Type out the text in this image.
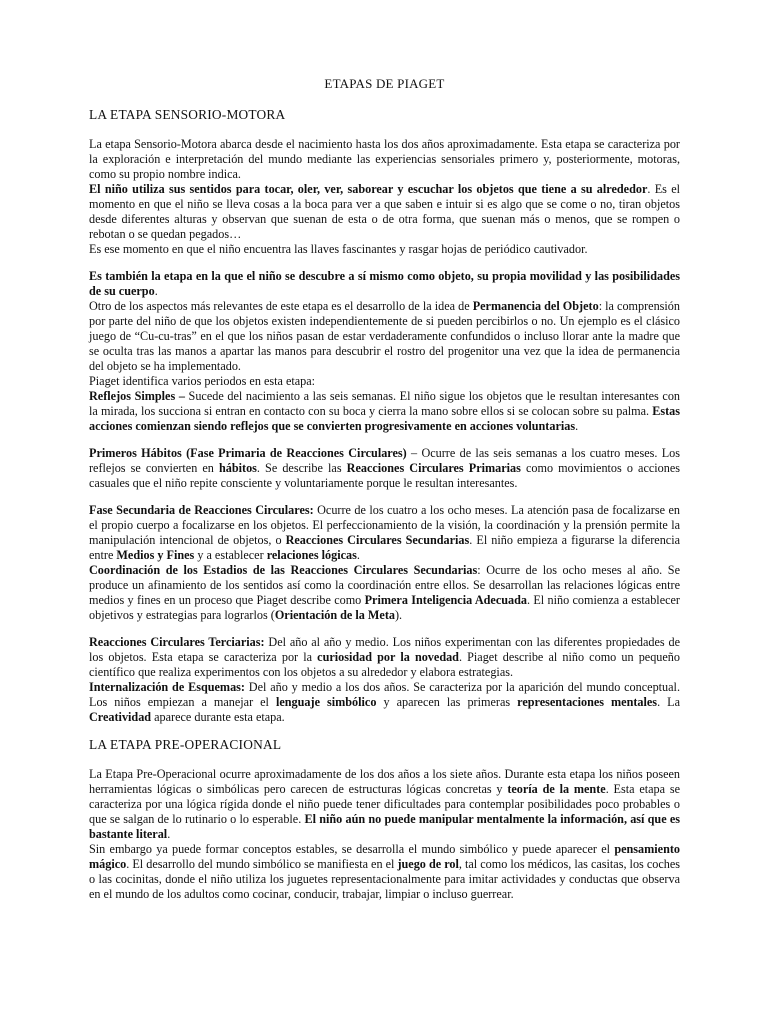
ETAPAS DE PIAGET
LA ETAPA SENSORIO-MOTORA

La etapa Sensorio-Motora abarca desde el nacimiento hasta los dos años aproximadamente. Esta etapa se caracteriza por la exploración e interpretación del mundo mediante las experiencias sensoriales primero y, posteriormente, motoras, como su propio nombre indica.

El niño utiliza sus sentidos para tocar, oler, ver, saborear y escuchar los objetos que tiene a su alrededor. Es el momento en que el niño se lleva cosas a la boca para ver a que saben e intuir si es algo que se come o no, tiran objetos desde diferentes alturas y observan que suenan de esta o de otra forma, que suenan más o menos, que se rompen o rebotan o se quedan pegados…

Es ese momento en que el niño encuentra las llaves fascinantes y rasgar hojas de periódico cautivador.

Es también la etapa en la que el niño se descubre a sí mismo como objeto, su propia movilidad y las posibilidades de su cuerpo.

Otro de los aspectos más relevantes de este etapa es el desarrollo de la idea de Permanencia del Objeto: la comprensión por parte del niño de que los objetos existen independientemente de si pueden percibirlos o no. Un ejemplo es el clásico juego de “Cu-cu-tras” en el que los niños pasan de estar verdaderamente confundidos o incluso llorar ante la madre que se oculta tras las manos a apartar las manos para descubrir el rostro del progenitor una vez que la idea de permanencia del objeto se ha implementado.

Piaget identifica varios periodos en esta etapa:

Reflejos Simples – Sucede del nacimiento a las seis semanas. El niño sigue los objetos que le resultan interesantes con la mirada, los succiona si entran en contacto con su boca y cierra la mano sobre ellos si se colocan sobre su palma. Estas acciones comienzan siendo reflejos que se convierten progresivamente en acciones voluntarias.

Primeros Hábitos (Fase Primaria de Reacciones Circulares) – Ocurre de las seis semanas a los cuatro meses. Los reflejos se convierten en hábitos. Se describe las Reacciones Circulares Primarias como movimientos o acciones casuales que el niño repite consciente y voluntariamente porque le resultan interesantes.

Fase Secundaria de Reacciones Circulares: Ocurre de los cuatro a los ocho meses. La atención pasa de focalizarse en el propio cuerpo a focalizarse en los objetos. El perfeccionamiento de la visión, la coordinación y la prensión permite la manipulación intencional de objetos, o Reacciones Circulares Secundarias. El niño empieza a figurarse la diferencia entre Medios y Fines y a establecer relaciones lógicas.

Coordinación de los Estadios de las Reacciones Circulares Secundarias: Ocurre de los ocho meses al año. Se produce un afinamiento de los sentidos así como la coordinación entre ellos. Se desarrollan las relaciones lógicas entre medios y fines en un proceso que Piaget describe como Primera Inteligencia Adecuada. El niño comienza a establecer objetivos y estrategias para lograrlos (Orientación de la Meta).

Reacciones Circulares Terciarias: Del año al año y medio. Los niños experimentan con las diferentes propiedades de los objetos. Esta etapa se caracteriza por la curiosidad por la novedad. Piaget describe al niño como un pequeño científico que realiza experimentos con los objetos a su alrededor y elabora estrategias.

Internalización de Esquemas: Del año y medio a los dos años. Se caracteriza por la aparición del mundo conceptual. Los niños empiezan a manejar el lenguaje simbólico y aparecen las primeras representaciones mentales. La Creatividad aparece durante esta etapa.

LA ETAPA PRE-OPERACIONAL

La Etapa Pre-Operacional ocurre aproximadamente de los dos años a los siete años. Durante esta etapa los niños poseen herramientas lógicas o simbólicas pero carecen de estructuras lógicas concretas y teoría de la mente. Esta etapa se caracteriza por una lógica rígida donde el niño puede tener dificultades para contemplar posibilidades poco probables o que se salgan de lo rutinario o lo esperable. El niño aún no puede manipular mentalmente la información, así que es bastante literal.

Sin embargo ya puede formar conceptos estables, se desarrolla el mundo simbólico y puede aparecer el pensamiento mágico. El desarrollo del mundo simbólico se manifiesta en el juego de rol, tal como los médicos, las casitas, los coches o las cocinitas, donde el niño utiliza los juguetes representacionalmente para imitar actividades y conductas que observa en el mundo de los adultos como cocinar, conducir, trabajar, limpiar o incluso guerrear.
